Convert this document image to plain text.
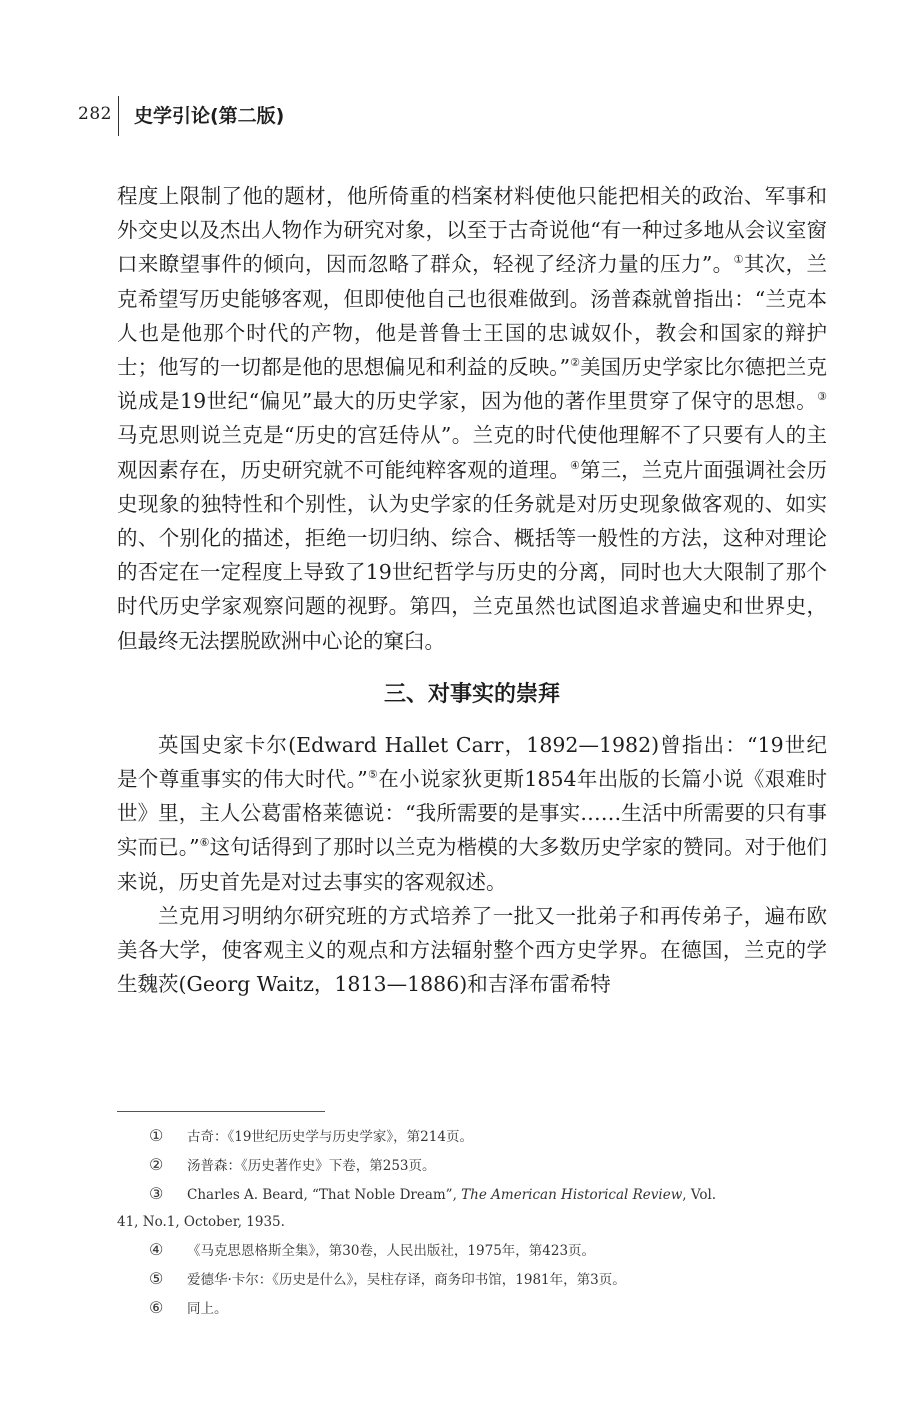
282 史学引论(第二版)

程度上限制了他的题材，他所倚重的档案材料使他只能把相关的政治、军事和外交史以及杰出人物作为研究对象，以至于古奇说他“有一种过多地从会议室窗口来瞭望事件的倾向，因而忽略了群众，轻视了经济力量的压力”。①其次，兰克希望写历史能够客观，但即使他自己也很难做到。汤普森就曾指出：“兰克本人也是他那个时代的产物，他是普鲁士王国的忠诚奴仆，教会和国家的辩护士；他写的一切都是他的思想偏见和利益的反映。”②美国历史学家比尔德把兰克说成是19世纪“偏见”最大的历史学家，因为他的著作里贯穿了保守的思想。③马克思则说兰克是“历史的宫廷侍从”。兰克的时代使他理解不了只要有人的主观因素存在，历史研究就不可能纯粹客观的道理。④第三，兰克片面强调社会历史现象的独特性和个别性，认为史学家的任务就是对历史现象做客观的、如实的、个别化的描述，拒绝一切归纳、综合、概括等一般性的方法，这种对理论的否定在一定程度上导致了19世纪哲学与历史的分离，同时也大大限制了那个时代历史学家观察问题的视野。第四，兰克虽然也试图追求普遍史和世界史，但最终无法摆脱欧洲中心论的窠臼。

三、对事实的崇拜

英国史家卡尔(Edward Hallet Carr，1892—1982)曾指出：“19世纪是个尊重事实的伟大时代。”⑤在小说家狄更斯1854年出版的长篇小说《艰难时世》里，主人公葛雷格莱德说：“我所需要的是事实……生活中所需要的只有事实而已。”⑥这句话得到了那时以兰克为楷模的大多数历史学家的赞同。对于他们来说，历史首先是对过去事实的客观叙述。

兰克用习明纳尔研究班的方式培养了一批又一批弟子和再传弟子，遍布欧美各大学，使客观主义的观点和方法辐射整个西方史学界。在德国，兰克的学生魏茨(Georg Waitz，1813—1886)和吉泽布雷希特

① 古奇：《19世纪历史学与历史学家》，第214页。

② 汤普森：《历史著作史》下卷，第253页。

③ Charles A. Beard, “That Noble Dream”, The American Historical Review, Vol.

41, No.1, October, 1935.

④ 《马克思恩格斯全集》，第30卷，人民出版社，1975年，第423页。

⑤ 爱德华·卡尔：《历史是什么》，吴柱存译，商务印书馆，1981年，第3页。

⑥ 同上。
